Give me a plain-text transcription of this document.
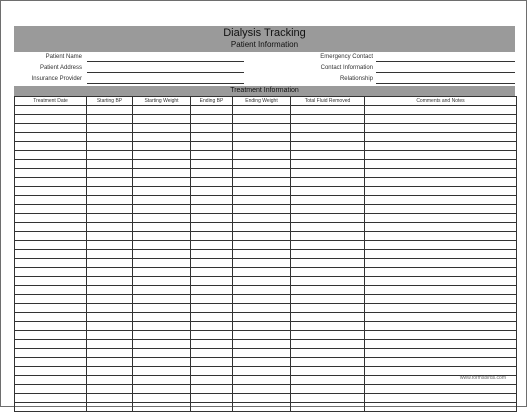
Dialysis Tracking
Patient Information
Patient Name
Patient Address
Insurance Provider
Emergency Contact
Contact Information
Relationship
Treatment Information
Treatment Date	Starting BP	Starting Weight	Ending BP	Ending Weight	Total Fluid Removed	Comments and Notes

www.formsbirds.com
